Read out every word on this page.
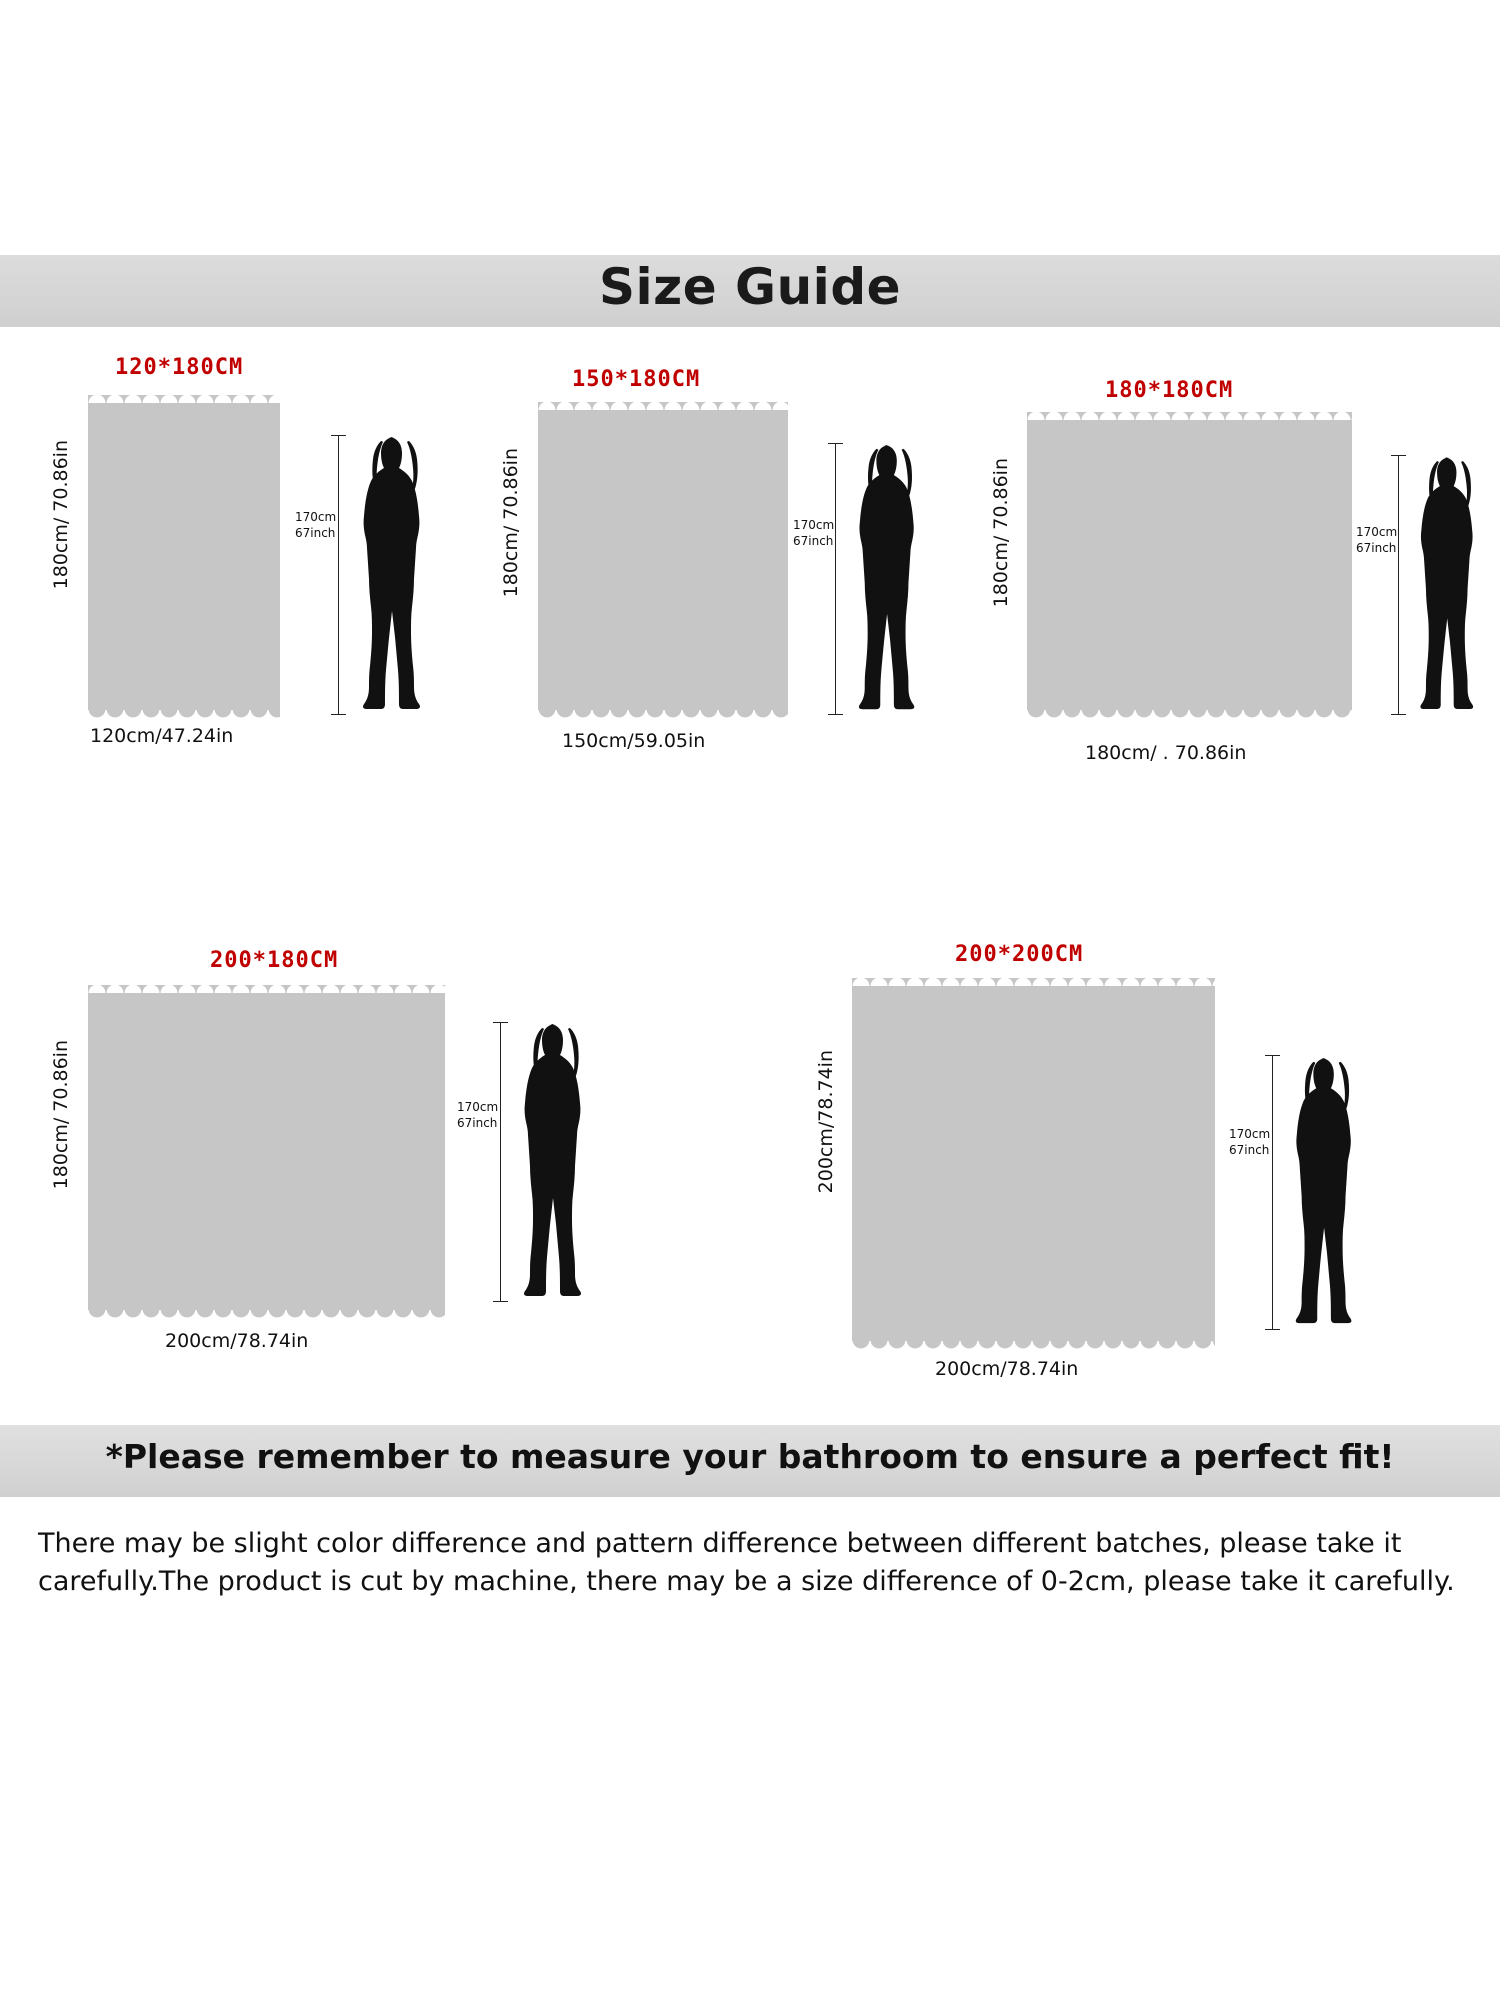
Size Guide
120*180CM
180cm/ 70.86in
120cm/47.24in
170cm
67inch
150*180CM
180cm/ 70.86in
150cm/59.05in
170cm
67inch
180*180CM
180cm/ 70.86in
180cm/ . 70.86in
170cm
67inch
200*180CM
180cm/ 70.86in
200cm/78.74in
170cm
67inch
200*200CM
200cm/78.74in
200cm/78.74in
170cm
67inch
*Please remember to measure your bathroom to ensure a perfect fit!
There may be slight color difference and pattern difference between different batches, please take it carefully.The product is cut by machine, there may be a size difference of 0-2cm, please take it carefully.
